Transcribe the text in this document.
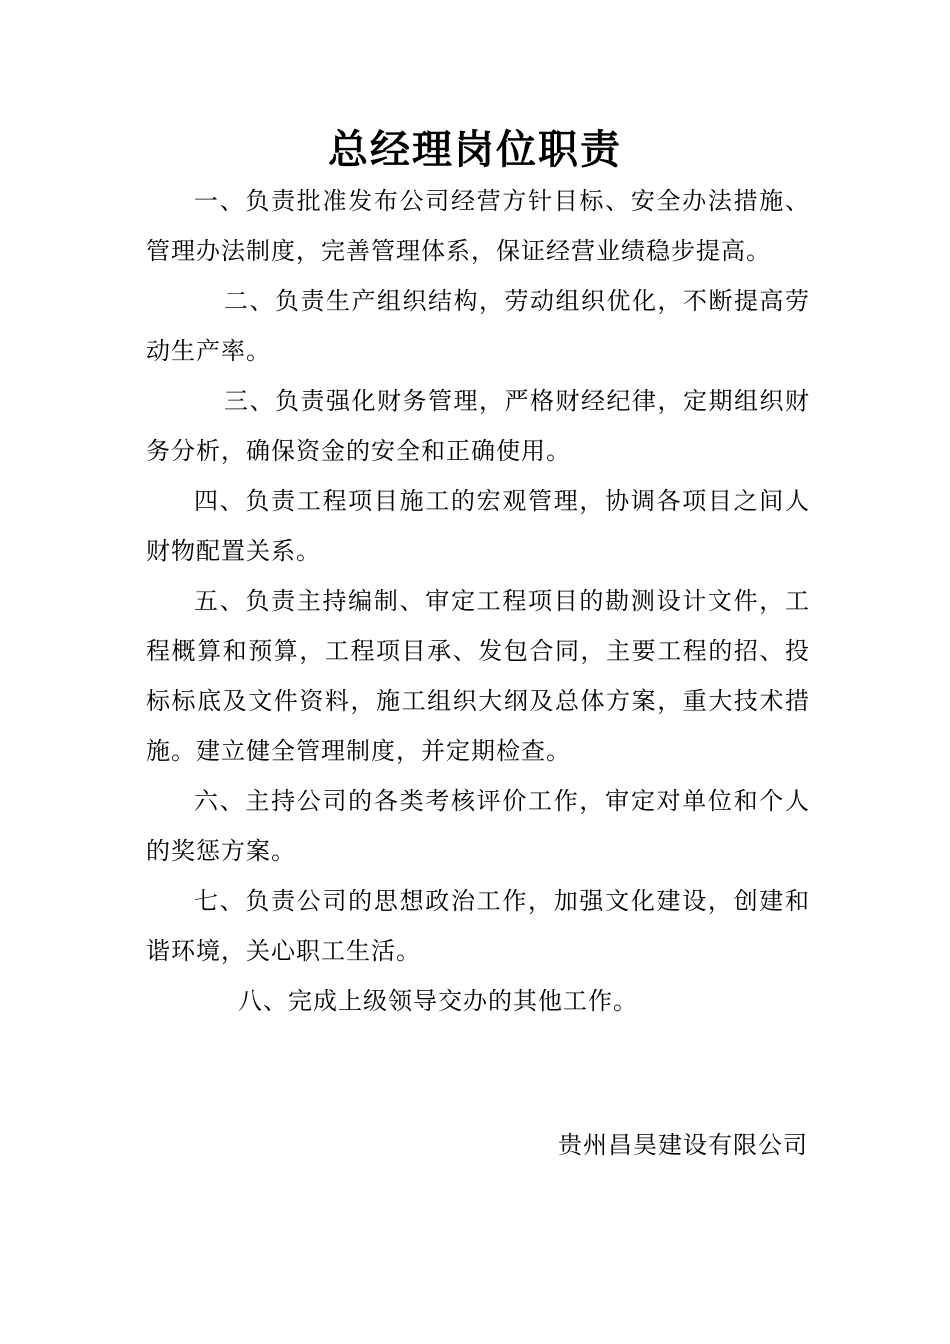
总经理岗位职责

一、负责批准发布公司经营方针目标、安全办法措施、管理办法制度，完善管理体系，保证经营业绩稳步提高。

二、负责生产组织结构，劳动组织优化，不断提高劳动生产率。

三、负责强化财务管理，严格财经纪律，定期组织财务分析，确保资金的安全和正确使用。

四、负责工程项目施工的宏观管理，协调各项目之间人财物配置关系。

五、负责主持编制、审定工程项目的勘测设计文件，工程概算和预算，工程项目承、发包合同，主要工程的招、投标标底及文件资料，施工组织大纲及总体方案，重大技术措施。建立健全管理制度，并定期检查。

六、主持公司的各类考核评价工作，审定对单位和个人的奖惩方案。

七、负责公司的思想政治工作，加强文化建设，创建和谐环境，关心职工生活。

八、完成上级领导交办的其他工作。

贵州昌昊建设有限公司
